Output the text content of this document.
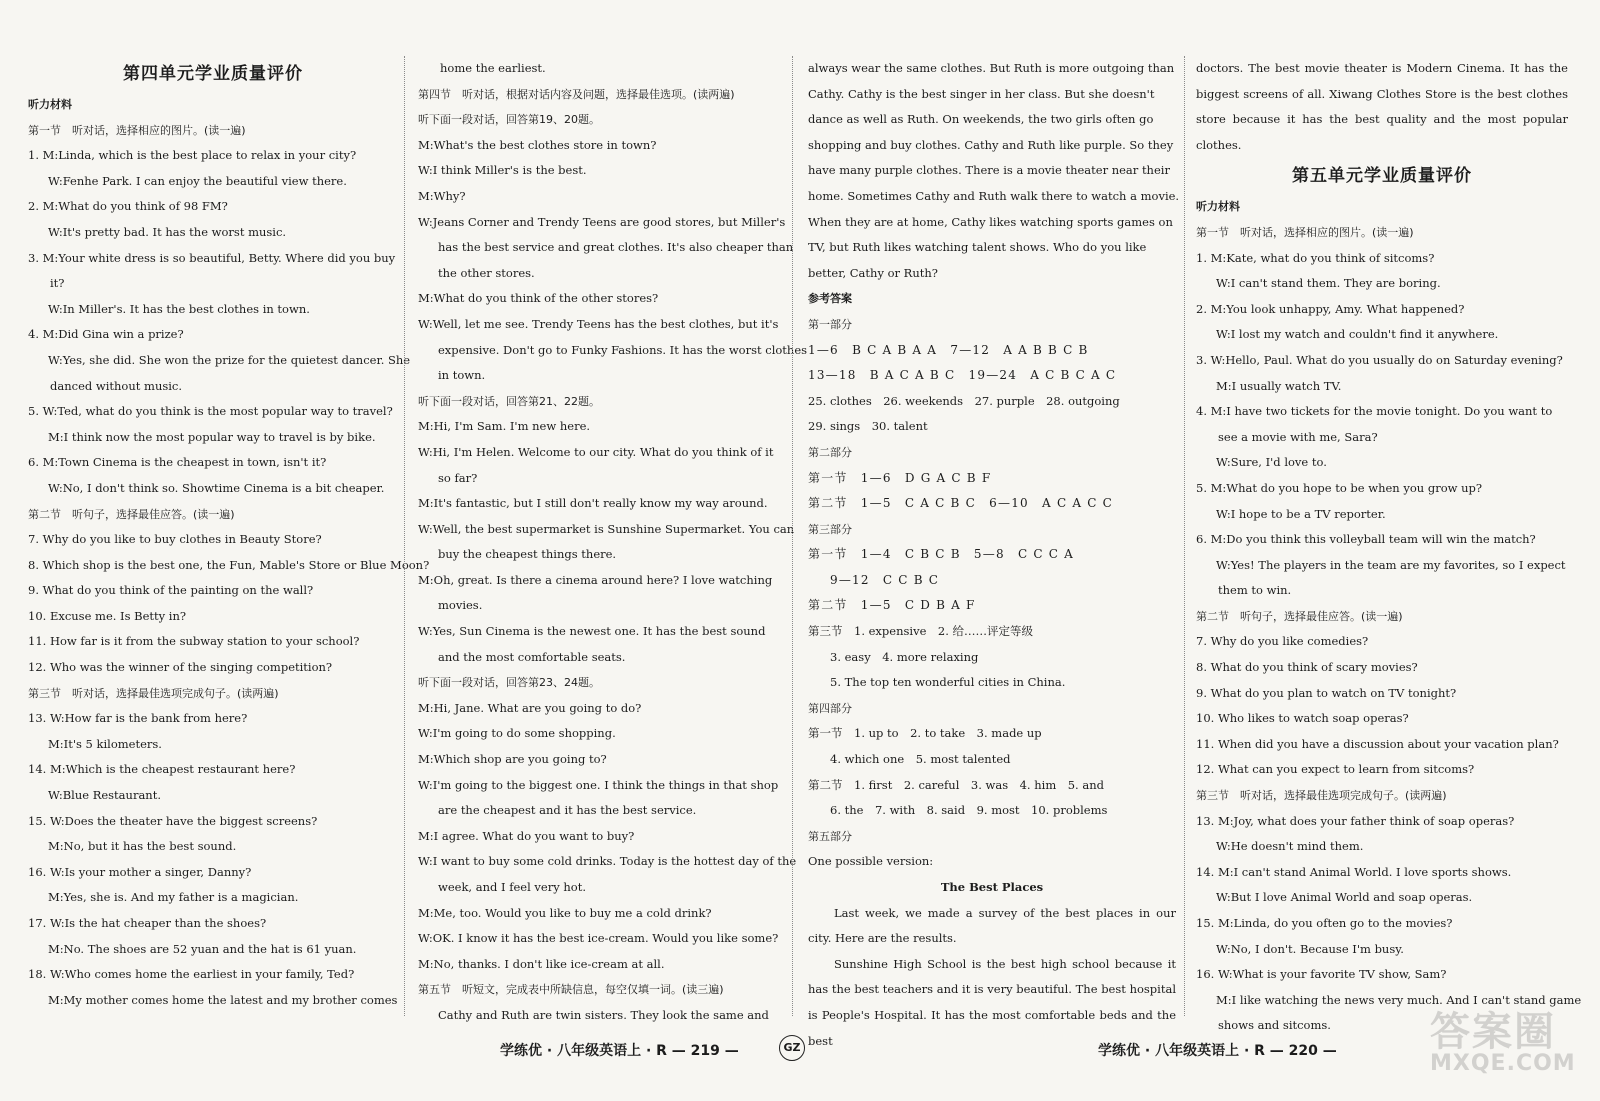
第四单元学业质量评价
听力材料
第一节　听对话，选择相应的图片。(读一遍)
1. M:Linda, which is the best place to relax in your city?
W:Fenhe Park. I can enjoy the beautiful view there.
2. M:What do you think of 98 FM?
W:It's pretty bad. It has the worst music.
3. M:Your white dress is so beautiful, Betty. Where did you buy
it?
W:In Miller's. It has the best clothes in town.
4. M:Did Gina win a prize?
W:Yes, she did. She won the prize for the quietest dancer. She
danced without music.
5. W:Ted, what do you think is the most popular way to travel?
M:I think now the most popular way to travel is by bike.
6. M:Town Cinema is the cheapest in town, isn't it?
W:No, I don't think so. Showtime Cinema is a bit cheaper.
第二节　听句子，选择最佳应答。(读一遍)
7. Why do you like to buy clothes in Beauty Store?
8. Which shop is the best one, the Fun, Mable's Store or Blue Moon?
9. What do you think of the painting on the wall?
10. Excuse me. Is Betty in?
11. How far is it from the subway station to your school?
12. Who was the winner of the singing competition?
第三节　听对话，选择最佳选项完成句子。(读两遍)
13. W:How far is the bank from here?
M:It's 5 kilometers.
14. M:Which is the cheapest restaurant here?
W:Blue Restaurant.
15. W:Does the theater have the biggest screens?
M:No, but it has the best sound.
16. W:Is your mother a singer, Danny?
M:Yes, she is. And my father is a magician.
17. W:Is the hat cheaper than the shoes?
M:No. The shoes are 52 yuan and the hat is 61 yuan.
18. W:Who comes home the earliest in your family, Ted?
M:My mother comes home the latest and my brother comes
home the earliest.
第四节　听对话，根据对话内容及问题，选择最佳选项。(读两遍)
听下面一段对话，回答第19、20题。
M:What's the best clothes store in town?
W:I think Miller's is the best.
M:Why?
W:Jeans Corner and Trendy Teens are good stores, but Miller's
has the best service and great clothes. It's also cheaper than
the other stores.
M:What do you think of the other stores?
W:Well, let me see. Trendy Teens has the best clothes, but it's
expensive. Don't go to Funky Fashions. It has the worst clothes
in town.
听下面一段对话，回答第21、22题。
M:Hi, I'm Sam. I'm new here.
W:Hi, I'm Helen. Welcome to our city. What do you think of it
so far?
M:It's fantastic, but I still don't really know my way around.
W:Well, the best supermarket is Sunshine Supermarket. You can
buy the cheapest things there.
M:Oh, great. Is there a cinema around here? I love watching
movies.
W:Yes, Sun Cinema is the newest one. It has the best sound
and the most comfortable seats.
听下面一段对话，回答第23、24题。
M:Hi, Jane. What are you going to do?
W:I'm going to do some shopping.
M:Which shop are you going to?
W:I'm going to the biggest one. I think the things in that shop
are the cheapest and it has the best service.
M:I agree. What do you want to buy?
W:I want to buy some cold drinks. Today is the hottest day of the
week, and I feel very hot.
M:Me, too. Would you like to buy me a cold drink?
W:OK. I know it has the best ice-cream. Would you like some?
M:No, thanks. I don't like ice-cream at all.
第五节　听短文，完成表中所缺信息，每空仅填一词。(读三遍)
Cathy and Ruth are twin sisters. They look the same and
always wear the same clothes. But Ruth is more outgoing than
Cathy. Cathy is the best singer in her class. But she doesn't
dance as well as Ruth. On weekends, the two girls often go
shopping and buy clothes. Cathy and Ruth like purple. So they
have many purple clothes. There is a movie theater near their
home. Sometimes Cathy and Ruth walk there to watch a movie.
When they are at home, Cathy likes watching sports games on
TV, but Ruth likes watching talent shows. Who do you like
better, Cathy or Ruth?
参考答案
第一部分
1—6　B C A B A A　7—12　A A B B C B
13—18　B A C A B C　19—24　A C B C A C
25. clothes　26. weekends　27. purple　28. outgoing
29. sings　30. talent
第二部分
第一节　1—6　D G A C B F
第二节　1—5　C A C B C　6—10　A C A C C
第三部分
第一节　1—4　C B C B　5—8　C C C A
9—12　C C B C
第二节　1—5　C D B A F
第三节　1. expensive　2. 给……评定等级
3. easy　4. more relaxing
5. The top ten wonderful cities in China.
第四部分
第一节　1. up to　2. to take　3. made up
4. which one　5. most talented
第二节　1. first　2. careful　3. was　4. him　5. and
6. the　7. with　8. said　9. most　10. problems
第五部分
One possible version:
The Best Places
Last week, we made a survey of the best places in our city. Here are the results.
Sunshine High School is the best high school because it has the best teachers and it is very beautiful. The best hospital is People's Hospital. It has the most comfortable beds and the best
doctors. The best movie theater is Modern Cinema. It has the biggest screens of all. Xiwang Clothes Store is the best clothes store because it has the best quality and the most popular clothes.
第五单元学业质量评价
听力材料
第一节　听对话，选择相应的图片。(读一遍)
1. M:Kate, what do you think of sitcoms?
W:I can't stand them. They are boring.
2. M:You look unhappy, Amy. What happened?
W:I lost my watch and couldn't find it anywhere.
3. W:Hello, Paul. What do you usually do on Saturday evening?
M:I usually watch TV.
4. M:I have two tickets for the movie tonight. Do you want to
see a movie with me, Sara?
W:Sure, I'd love to.
5. M:What do you hope to be when you grow up?
W:I hope to be a TV reporter.
6. M:Do you think this volleyball team will win the match?
W:Yes! The players in the team are my favorites, so I expect
them to win.
第二节　听句子，选择最佳应答。(读一遍)
7. Why do you like comedies?
8. What do you think of scary movies?
9. What do you plan to watch on TV tonight?
10. Who likes to watch soap operas?
11. When did you have a discussion about your vacation plan?
12. What can you expect to learn from sitcoms?
第三节　听对话，选择最佳选项完成句子。(读两遍)
13. M:Joy, what does your father think of soap operas?
W:He doesn't mind them.
14. M:I can't stand Animal World. I love sports shows.
W:But I love Animal World and soap operas.
15. M:Linda, do you often go to the movies?
W:No, I don't. Because I'm busy.
16. W:What is your favorite TV show, Sam?
M:I like watching the news very much. And I can't stand game
shows and sitcoms.
学练优 · 八年级英语上 · R — 219 —	GZ	学练优 · 八年级英语上 · R — 220 — 答案圈
MXQE.COM
